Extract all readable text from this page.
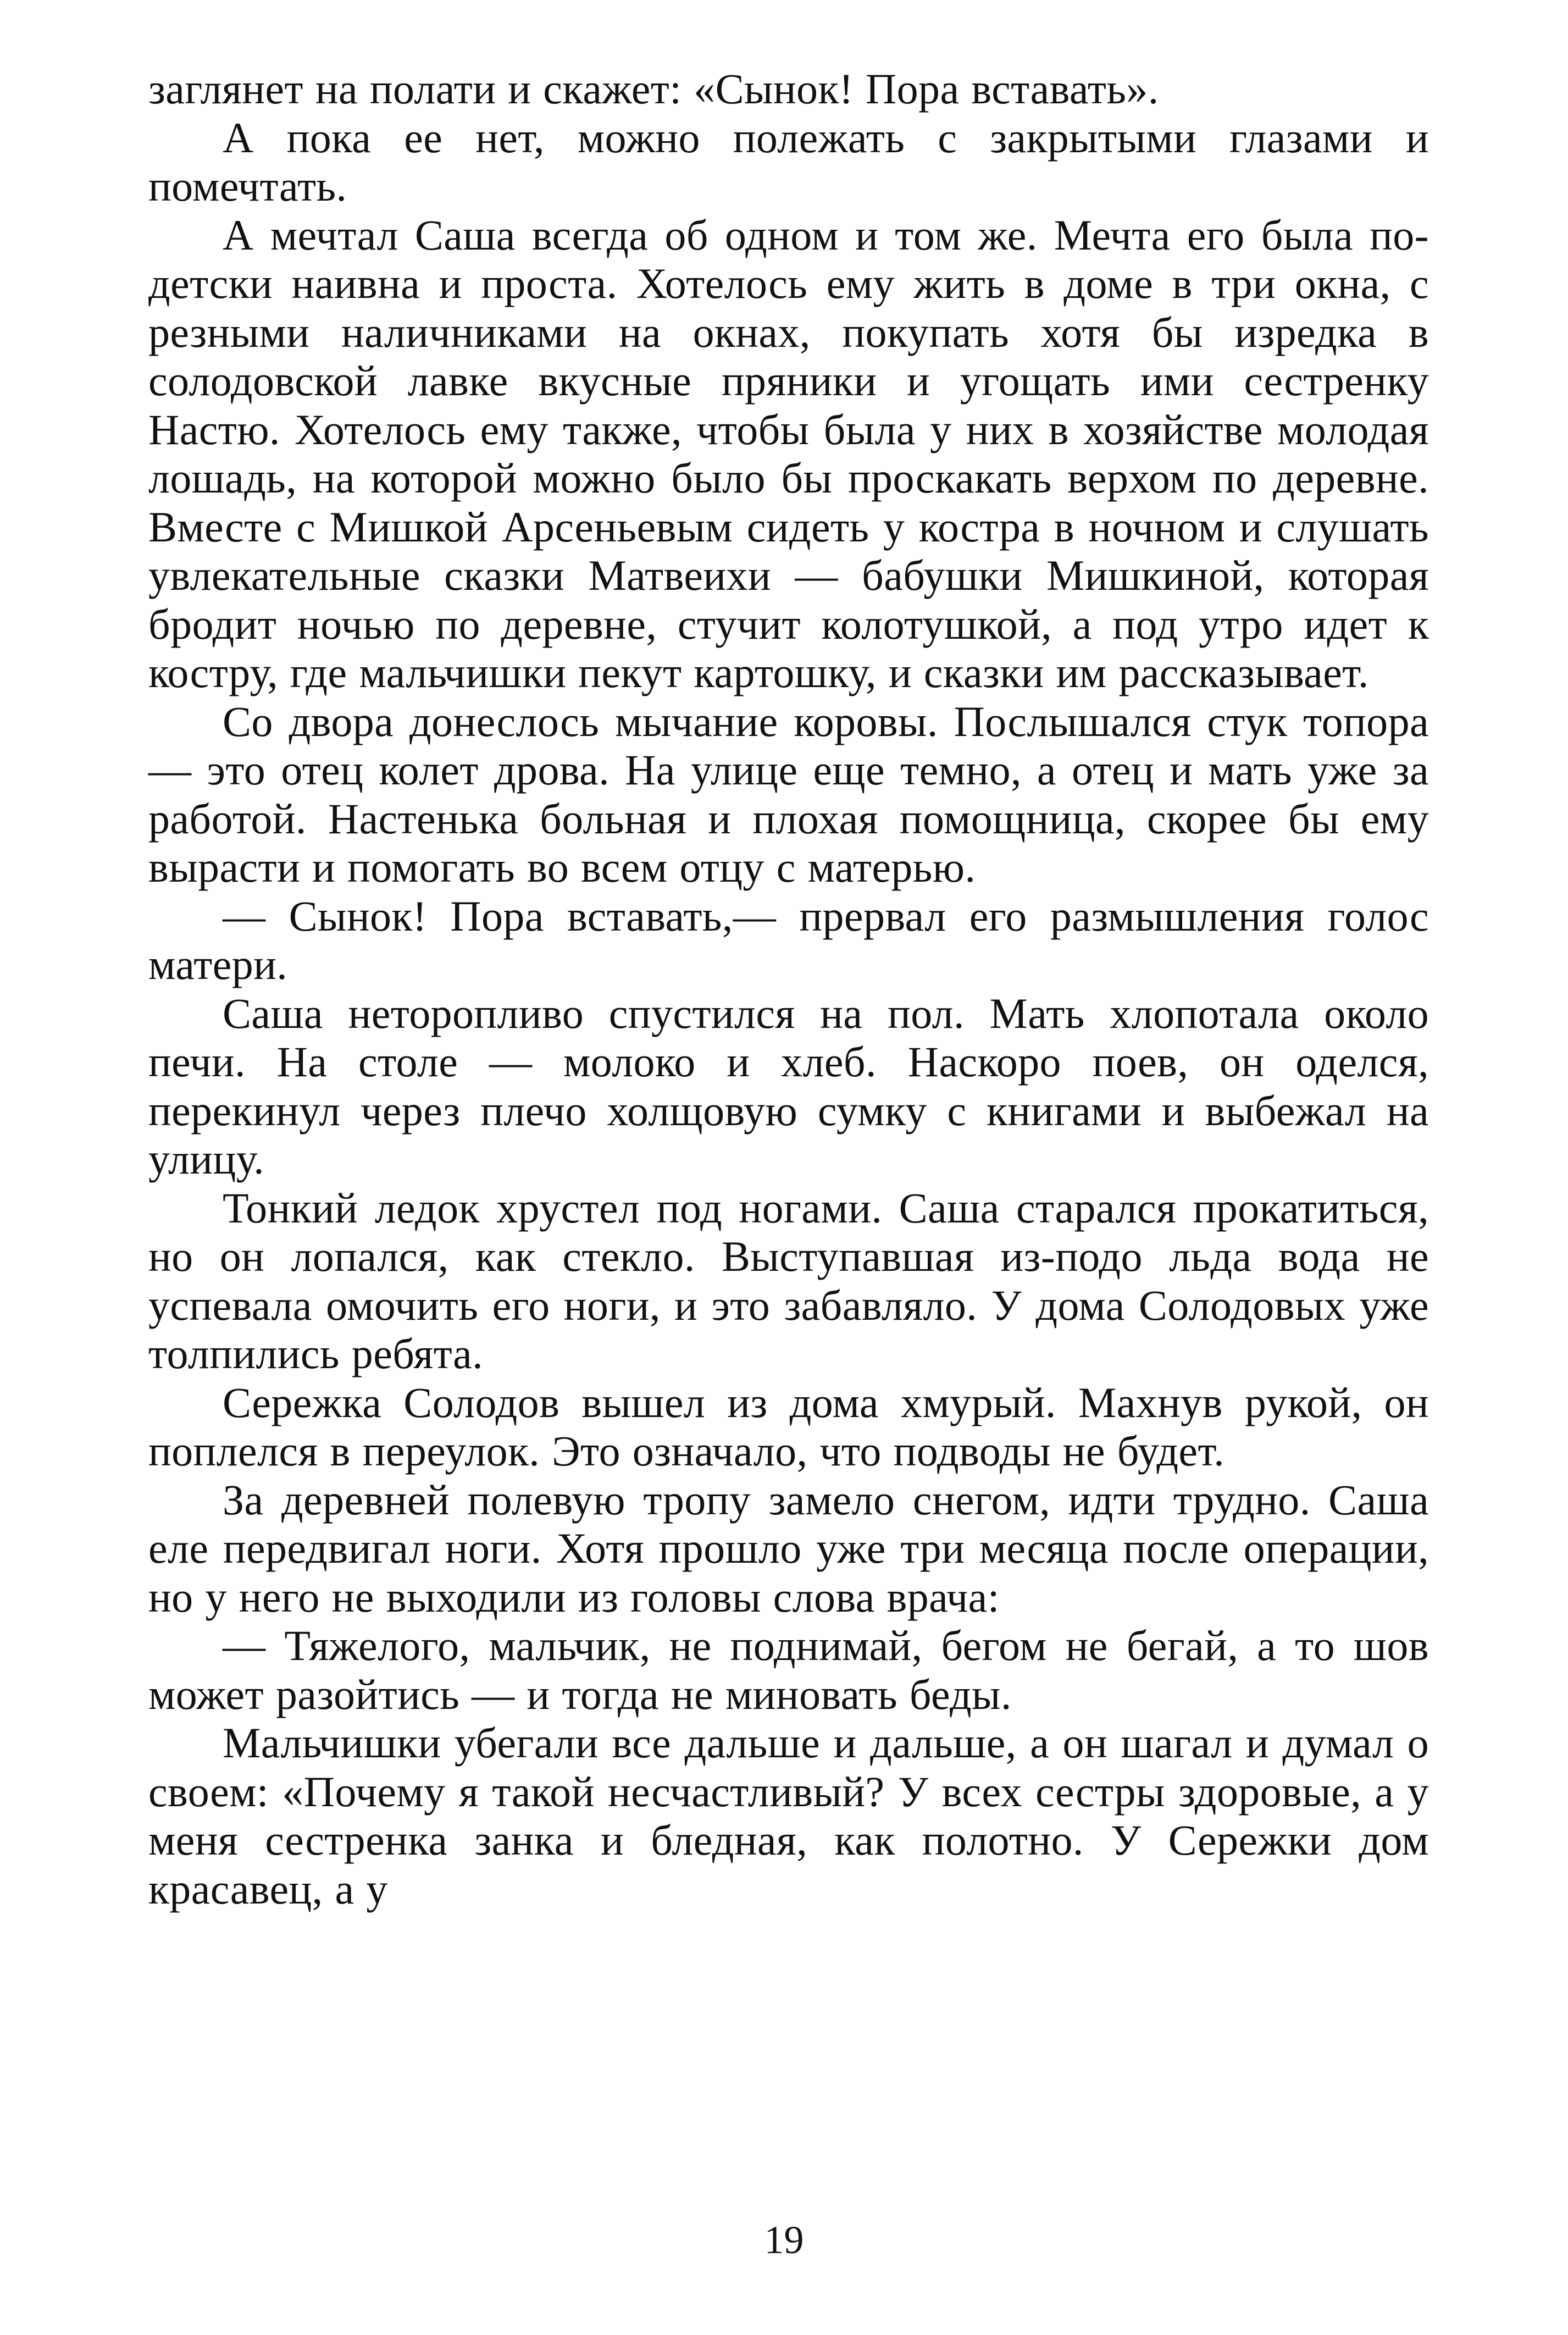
заглянет на полати и скажет: «Сынок! Пора вставать».

А пока ее нет, можно полежать с закрытыми глазами и помечтать.

А мечтал Саша всегда об одном и том же. Мечта его была по-детски наивна и проста. Хотелось ему жить в доме в три окна, с резными наличниками на окнах, покупать хотя бы изредка в солодовской лавке вкусные пряники и угощать ими сестренку Настю. Хотелось ему также, чтобы была у них в хозяйстве молодая лошадь, на которой можно было бы проскакать верхом по деревне. Вместе с Мишкой Арсеньевым сидеть у костра в ночном и слушать увлекательные сказки Матвеихи — бабушки Мишкиной, которая бродит ночью по деревне, стучит колотушкой, а под утро идет к костру, где мальчишки пекут картошку, и сказки им рассказывает.

Со двора донеслось мычание коровы. Послышался стук топора — это отец колет дрова. На улице еще темно, а отец и мать уже за работой. Настенька больная и плохая помощница, скорее бы ему вырасти и помогать во всем отцу с матерью.

— Сынок! Пора вставать,— прервал его размышления голос матери.

Саша неторопливо спустился на пол. Мать хлопотала около печи. На столе — молоко и хлеб. Наскоро поев, он оделся, перекинул через плечо холщовую сумку с книгами и выбежал на улицу.

Тонкий ледок хрустел под ногами. Саша старался прокатиться, но он лопался, как стекло. Выступавшая из-подо льда вода не успевала омочить его ноги, и это забавляло. У дома Солодовых уже толпились ребята.

Сережка Солодов вышел из дома хмурый. Махнув рукой, он поплелся в переулок. Это означало, что подводы не будет.

За деревней полевую тропу замело снегом, идти трудно. Саша еле передвигал ноги. Хотя прошло уже три месяца после операции, но у него не выходили из головы слова врача:

— Тяжелого, мальчик, не поднимай, бегом не бегай, а то шов может разойтись — и тогда не миновать беды.

Мальчишки убегали все дальше и дальше, а он шагал и думал о своем: «Почему я такой несчастливый? У всех сестры здоровые, а у меня сестренка занка и бледная, как полотно. У Сережки дом красавец, а у

19
